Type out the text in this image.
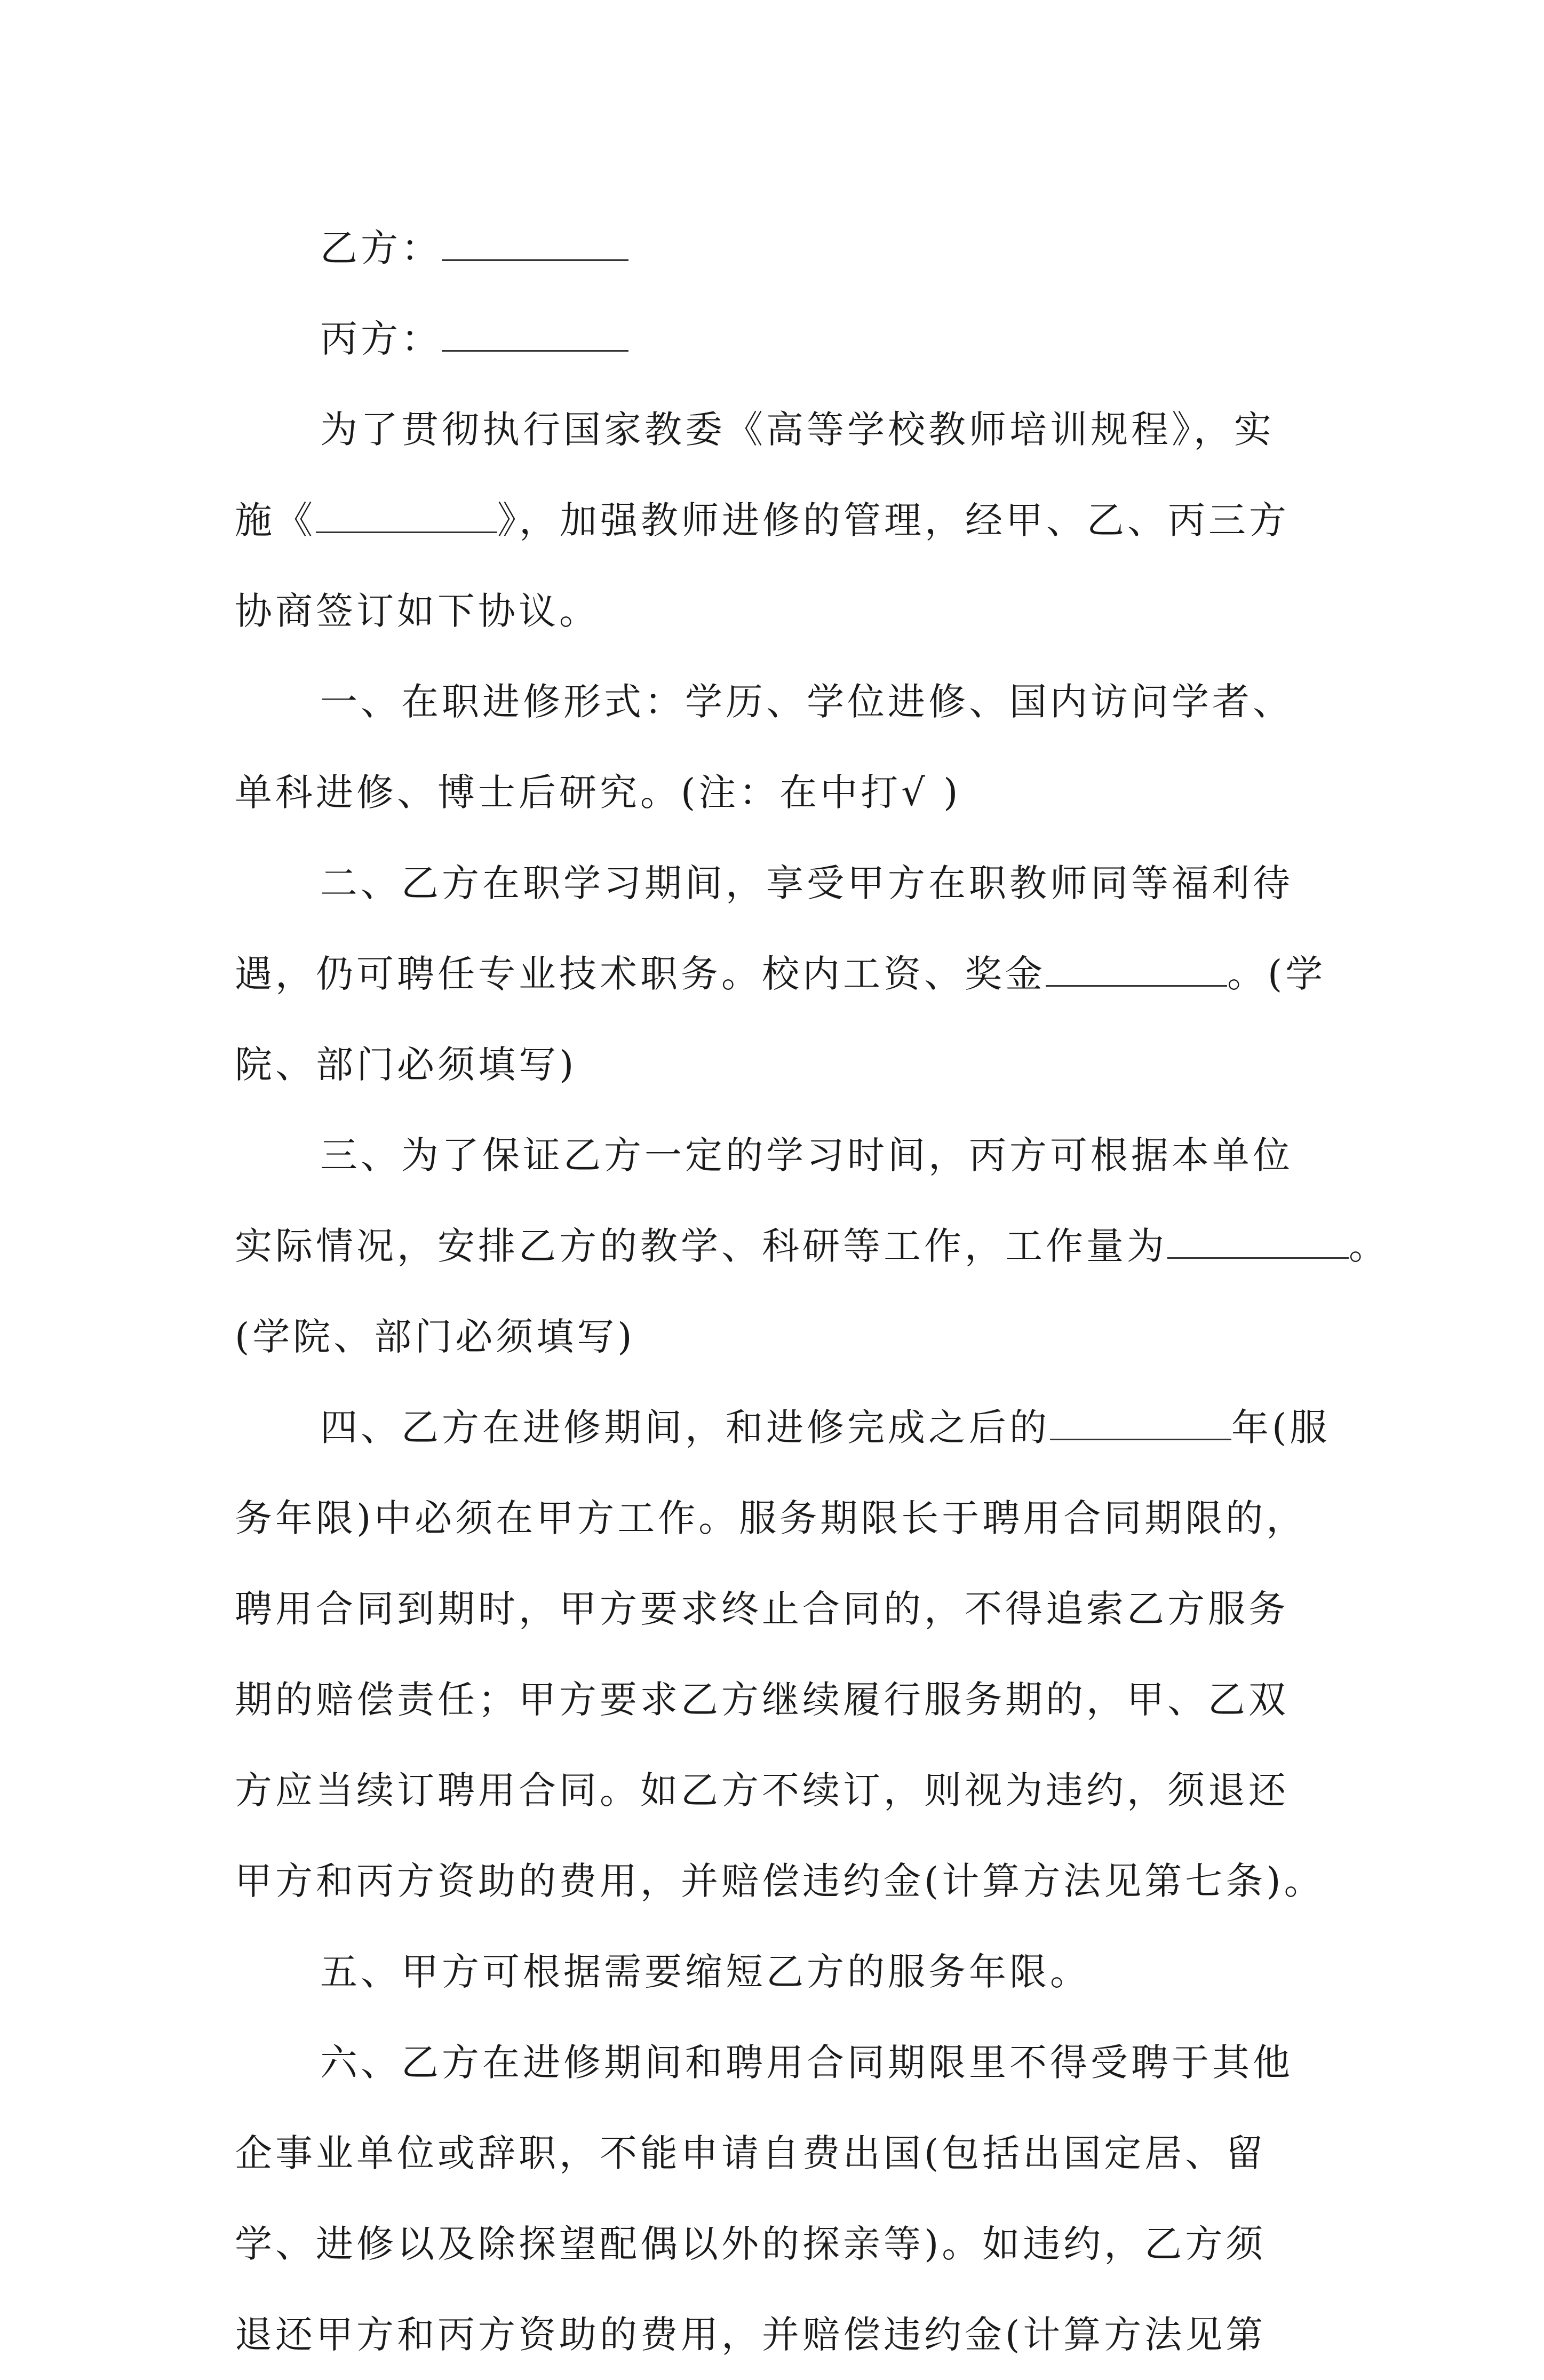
乙方：
丙方：
为了贯彻执行国家教委《高等学校教师培训规程》，实
施《	》，加强教师进修的管理，经甲、乙、丙三方
协商签订如下协议。
一、在职进修形式：学历、学位进修、国内访问学者、
单科进修、博士后研究。(注：在中打√ )
二、乙方在职学习期间，享受甲方在职教师同等福利待
遇，仍可聘任专业技术职务。校内工资、奖金	。(学
院、部门必须填写)
三、为了保证乙方一定的学习时间，丙方可根据本单位
实际情况，安排乙方的教学、科研等工作，工作量为	。
(学院、部门必须填写)
四、乙方在进修期间，和进修完成之后的	年(服
务年限)中必须在甲方工作。服务期限长于聘用合同期限的，
聘用合同到期时，甲方要求终止合同的，不得追索乙方服务
期的赔偿责任；甲方要求乙方继续履行服务期的，甲、乙双
方应当续订聘用合同。如乙方不续订，则视为违约，须退还
甲方和丙方资助的费用，并赔偿违约金(计算方法见第七条)。
五、甲方可根据需要缩短乙方的服务年限。
六、乙方在进修期间和聘用合同期限里不得受聘于其他
企事业单位或辞职，不能申请自费出国(包括出国定居、留
学、进修以及除探望配偶以外的探亲等)。如违约，乙方须
退还甲方和丙方资助的费用，并赔偿违约金(计算方法见第
